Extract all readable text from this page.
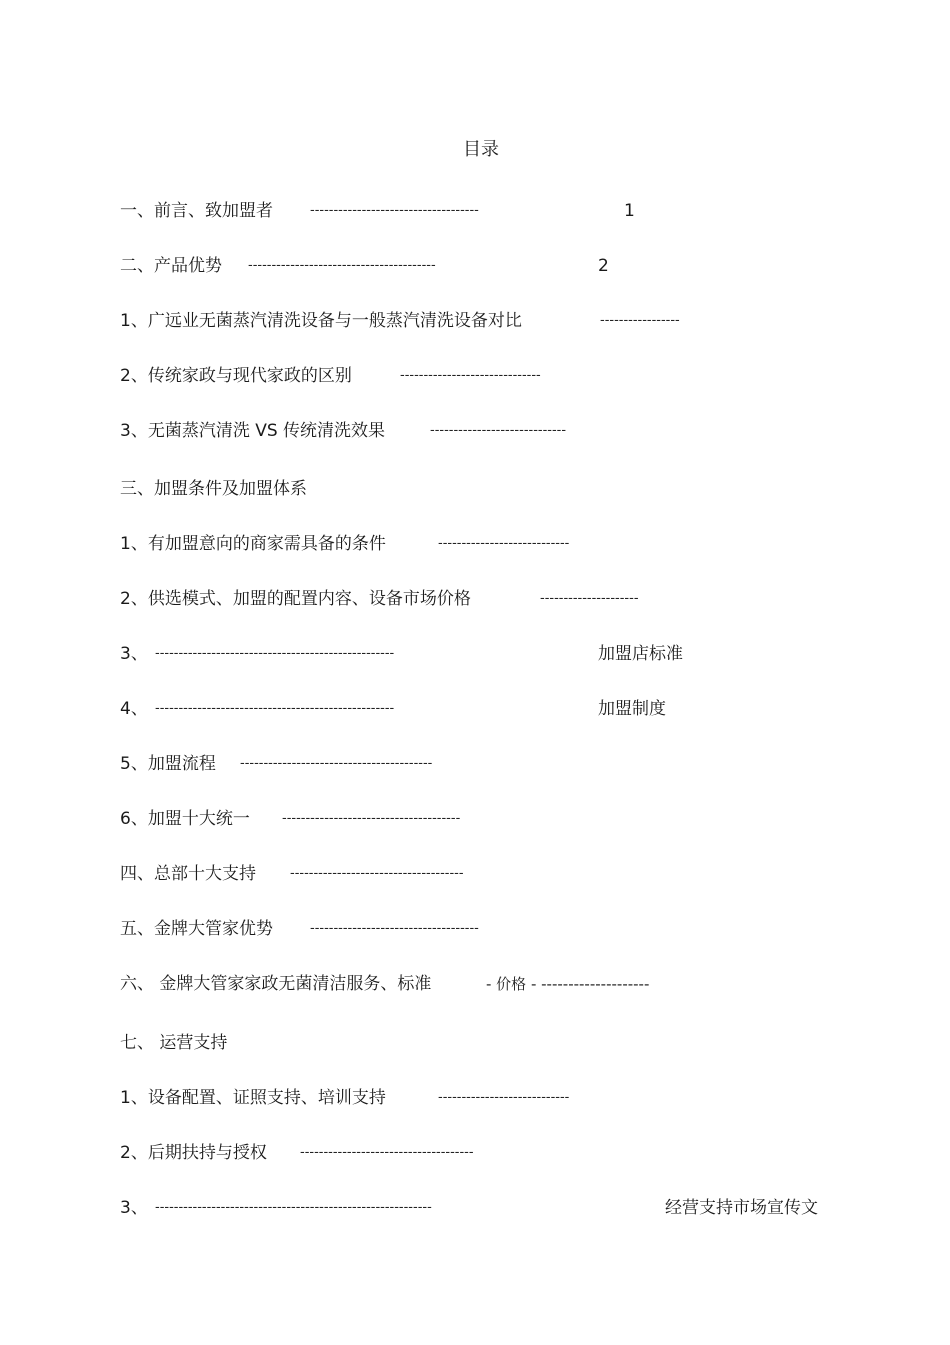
目录
一、前言、致加盟者	------------------------------------	1
二、产品优势 ----------------------------------------	2
1、广远业无菌蒸汽清洗设备与一般蒸汽清洗设备对比	-----------------
2、传统家政与现代家政的区别	------------------------------
3、无菌蒸汽清洗 VS 传统清洗效果	-----------------------------
三、加盟条件及加盟体系
1、有加盟意向的商家需具备的条件	----------------------------
2、供选模式、加盟的配置内容、设备市场价格	---------------------
3、 ---------------------------------------------------	加盟店标准
4、 ---------------------------------------------------	加盟制度
5、加盟流程 -----------------------------------------
6、加盟十大统一 --------------------------------------
四、总部十大支持	-------------------------------------
五、金牌大管家优势	------------------------------------
六、 金牌大管家家政无菌清洁服务、标准	- 价格 - --------------------
七、 运营支持
1、设备配置、证照支持、培训支持	----------------------------
2、后期扶持与授权	-------------------------------------
3、 -----------------------------------------------------------	经营支持市场宣传文
